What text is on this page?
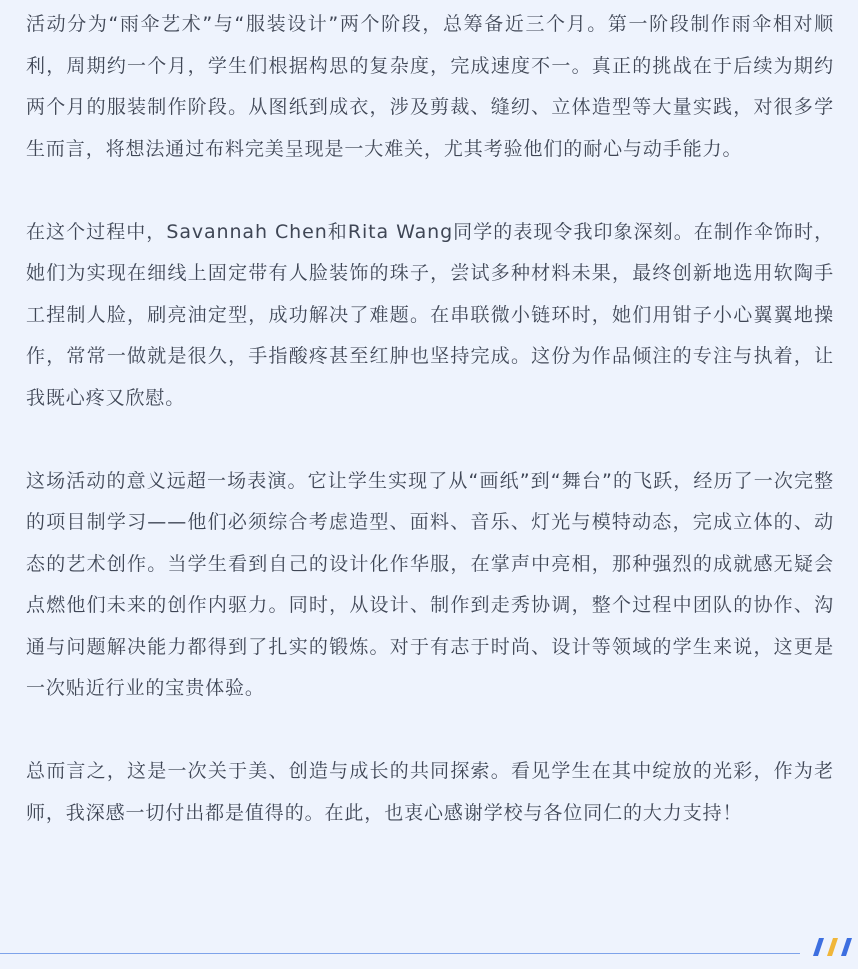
活动分为“雨伞艺术”与“服装设计”两个阶段，总筹备近三个月。第一阶段制作雨伞相对顺利，周期约一个月，学生们根据构思的复杂度，完成速度不一。真正的挑战在于后续为期约两个月的服装制作阶段。从图纸到成衣，涉及剪裁、缝纫、立体造型等大量实践，对很多学生而言，将想法通过布料完美呈现是一大难关，尤其考验他们的耐心与动手能力。

在这个过程中，Savannah Chen和Rita Wang同学的表现令我印象深刻。在制作伞饰时，她们为实现在细线上固定带有人脸装饰的珠子，尝试多种材料未果，最终创新地选用软陶手工捏制人脸，刷亮油定型，成功解决了难题。在串联微小链环时，她们用钳子小心翼翼地操作，常常一做就是很久，手指酸疼甚至红肿也坚持完成。这份为作品倾注的专注与执着，让我既心疼又欣慰。

这场活动的意义远超一场表演。它让学生实现了从“画纸”到“舞台”的飞跃，经历了一次完整的项目制学习——他们必须综合考虑造型、面料、音乐、灯光与模特动态，完成立体的、动态的艺术创作。当学生看到自己的设计化作华服，在掌声中亮相，那种强烈的成就感无疑会点燃他们未来的创作内驱力。同时，从设计、制作到走秀协调，整个过程中团队的协作、沟通与问题解决能力都得到了扎实的锻炼。对于有志于时尚、设计等领域的学生来说，这更是一次贴近行业的宝贵体验。

总而言之，这是一次关于美、创造与成长的共同探索。看见学生在其中绽放的光彩，作为老师，我深感一切付出都是值得的。在此，也衷心感谢学校与各位同仁的大力支持！
